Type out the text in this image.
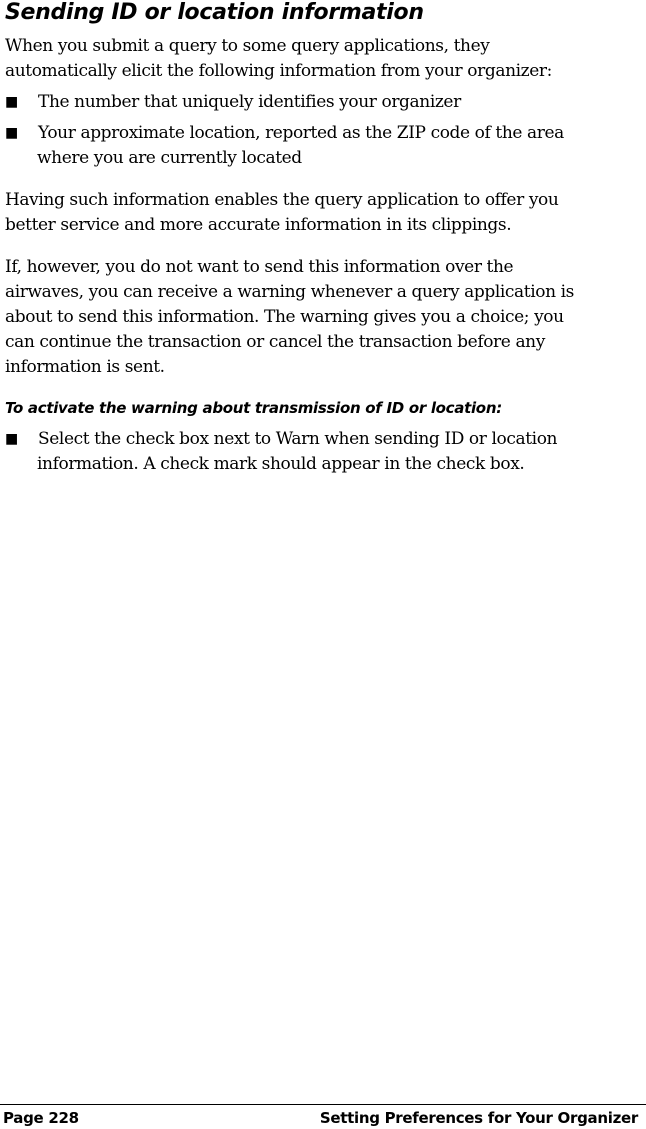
Sending ID or location information

When you submit a query to some query applications, they
automatically elicit the following information from your organizer:

■ The number that uniquely identifies your organizer
■ Your approximate location, reported as the ZIP code of the area
where you are currently located

Having such information enables the query application to offer you
better service and more accurate information in its clippings.

If, however, you do not want to send this information over the
airwaves, you can receive a warning whenever a query application is
about to send this information. The warning gives you a choice; you
can continue the transaction or cancel the transaction before any
information is sent.

To activate the warning about transmission of ID or location:
■ Select the check box next to Warn when sending ID or location
information. A check mark should appear in the check box.
Page 228	Setting Preferences for Your Organizer
